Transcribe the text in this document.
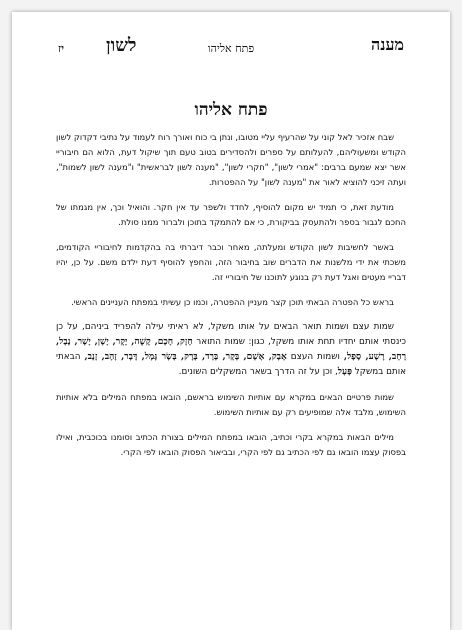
יז לשון	פתח אליהו	מענה
פתח אליהו

שבח אזכיר לאל קוני על שהרעיף עליי מטובו, ונתן בי כוח ואורך רוח לעמוד על נתיבי דקדוק לשון הקודש ומשעוליהם, להעלותם על ספרים ולהסדירים בטוב טעם תוך שיקול דעת, הלוא הם חיבוריי אשר יצא שמעם ברבים: "אמרי לשון", "חקרי לשון", "מענה לשון לבראשית" ו"מענה לשון לשמות", ועתה זיכני להוציא לאור את "מענה לשון" על ההפטרות.

מודעת זאת, כי תמיד יש מקום להוסיף, לחדד ולשפר עד אין חקר. והואיל וכך, אין מגמתו של החכם לגבור בספר ולהתעסק בביקורת, כי אם להתמקד בתוכן ולברור ממנו סולת.

באשר לחשיבות לשון הקודש ומעלתה, מאחר וכבר דיברתי בה בהקדמות לחיבוריי הקודמים, משכתי את ידי מלשנות את הדברים שוב בחיבור הזה, והחפץ להוסיף דעת ילדם משם. על כן, יהיו דבריי מעטים ואגל דעת רק בנוגע לתוכנו של חיבוריי זה.

בראש כל הפטרה הבאתי תוכן קצר מעניין ההפטרה, וכמו כן עשיתי במפתח העניינים הראשי.

שמות עצם ושמות תואר הבאים על אותו משקל, לא ראיתי עילה להפריד ביניהם, על כן כינסתי אותם יחדיו תחת אותו משקל, כגון: שמות התואר חָזָק, חָכָם, קָשֶׁה, יָקָר, יָשָׁן, יָשָׁר, נָבָל, רָחָב, רָשָׁע, סָפָל, ושמות העצם אָבָק, אָשָׁם, בָּקָר, בָּרָד, בָּרָק, בָּשָׂר גָּמָל, דָּבָר, זָהָב, זָנָב, הבאתי אותם במשקל פָּעָל, וכן על זה הדרך בשאר המשקלים השונים.

שמות פרטיים הבאים במקרא עם אותיות השימוש בראשם, הובאו במפתח המילים בלא אותיות השימוש, מלבד אלה שמופיעים רק עם אותיות השימוש.

מילים הבאות במקרא בקרי וכתיב, הובאו במפתח המילים בצורת הכתיב וסומנו בכוכבית, ואילו בפסוק עצמו הובאו גם לפי הכתיב גם לפי הקרי, ובביאור הפסוק הובאו לפי הקרי.
